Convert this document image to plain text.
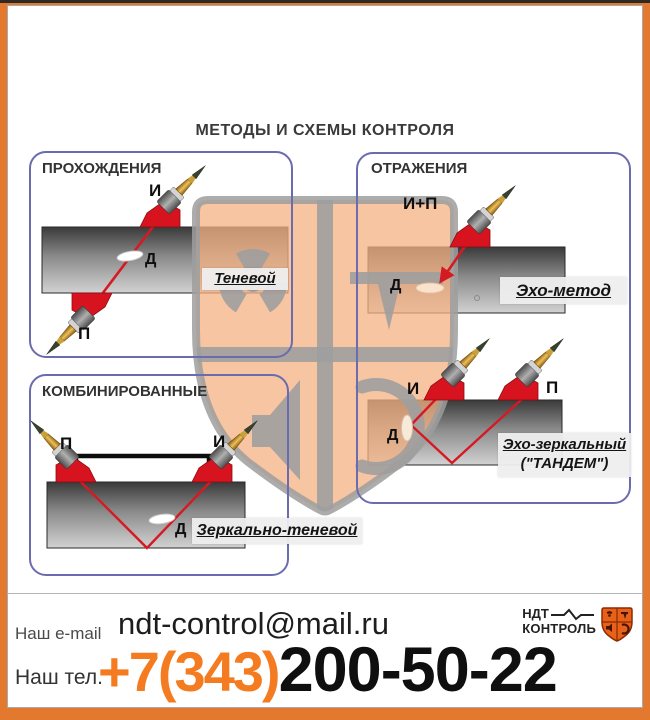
МЕТОДЫ И СХЕМЫ КОНТРОЛЯ
ПРОХОЖДЕНИЯ	ОТРАЖЕНИЯ
КОМБИНИРОВАННЫЕ
И
П
И+П
И	П
П	И
Д
Д
Д
Д
Теневой
Эхо-метод
Эхо-зеркальный
("ТАНДЕМ")
Зеркально-теневой
Наш e-mail ndt-control@mail.ru
Наш тел.
+7(343) 200-50-22
НДТ
КОНТРОЛЬ
